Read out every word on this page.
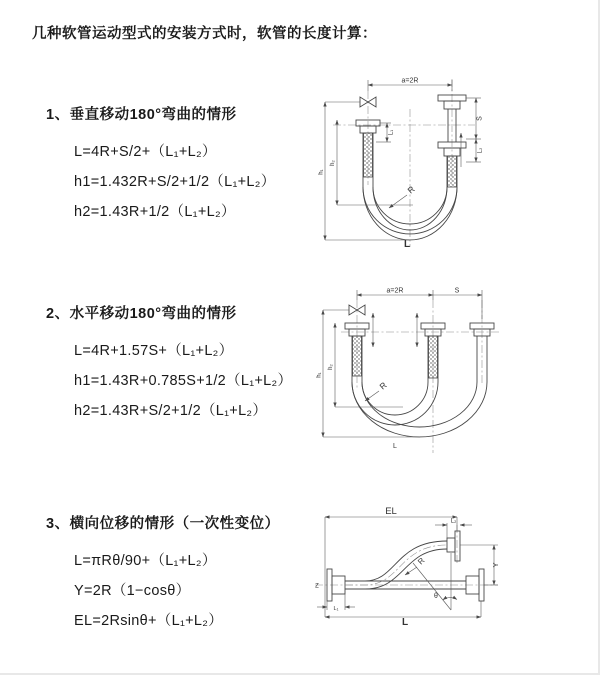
几种软管运动型式的安装方式时，软管的长度计算：
1、垂直移动180°弯曲的情形
L=4R+S/2+（L₁+L₂）
h1=1.432R+S/2+1/2（L₁+L₂）
h2=1.43R+1/2（L₁+L₂）
2、水平移动180°弯曲的情形
L=4R+1.57S+（L₁+L₂）
h1=1.43R+0.785S+1/2（L₁+L₂）
h2=1.43R+S/2+1/2（L₁+L₂）
3、横向位移的情形（一次性变位）
L=πRθ/90+（L₁+L₂）
Y=2R（1−cosθ）
EL=2Rsinθ+（L₁+L₂）
a=2R
S
L₂
L₁
h₁
h₂
R
L
a=2R	S
h₁
h₂
R
L
EL
L₂
Y
R
θ
L
L₁
Z
